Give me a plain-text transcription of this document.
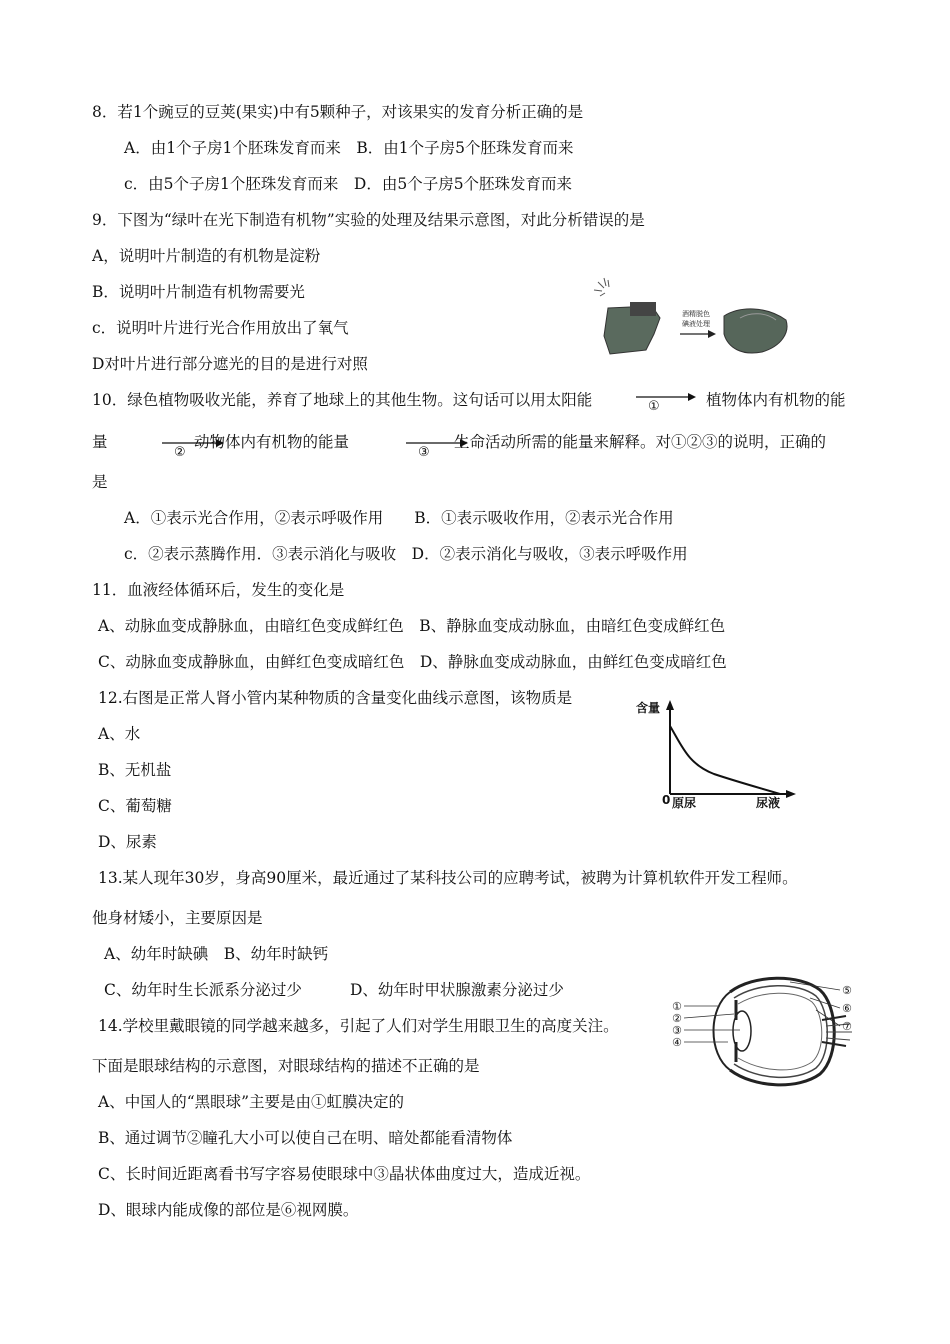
8．若1个豌豆的豆荚(果实)中有5颗种子，对该果实的发育分析正确的是
A．由1个子房1个胚珠发育而来　B．由1个子房5个胚珠发育而来
c．由5个子房1个胚珠发育而来　D．由5个子房5个胚珠发育而来
9．下图为“绿叶在光下制造有机物”实验的处理及结果示意图，对此分析错误的是
A，说明叶片制造的有机物是淀粉
B．说明叶片制造有机物需要光
c．说明叶片进行光合作用放出了氧气
D对叶片进行部分遮光的目的是进行对照
酒精脱色
碘液处理
10．绿色植物吸收光能，养育了地球上的其他生物。这句话可以用太阳能	①	植物体内有机物的能
量
②
动物体内有机物的能量
③
生命活动所需的能量来解释。对①②③的说明，正确的
是
A．①表示光合作用，②表示呼吸作用　　B．①表示吸收作用，②表示光合作用
c．②表示蒸腾作用．③表示消化与吸收　D．②表示消化与吸收，③表示呼吸作用
11．血液经体循环后，发生的变化是
A、动脉血变成静脉血，由暗红色变成鲜红色　B、静脉血变成动脉血，由暗红色变成鲜红色
C、动脉血变成静脉血，由鲜红色变成暗红色　D、静脉血变成动脉血，由鲜红色变成暗红色
12.右图是正常人肾小管内某种物质的含量变化曲线示意图，该物质是
A、水
B、无机盐
C、葡萄糖
D、尿素
含量
0 原尿	尿液
13.某人现年30岁，身高90厘米，最近通过了某科技公司的应聘考试，被聘为计算机软件开发工程师。
他身材矮小，主要原因是
A、幼年时缺碘　B、幼年时缺钙
C、幼年时生长派系分泌过少	D、幼年时甲状腺激素分泌过少
14.学校里戴眼镜的同学越来越多，引起了人们对学生用眼卫生的高度关注。
下面是眼球结构的示意图，对眼球结构的描述不正确的是
A、中国人的“黑眼球”主要是由①虹膜决定的
B、通过调节②瞳孔大小可以使自己在明、暗处都能看清物体
C、长时间近距离看书写字容易使眼球中③晶状体曲度过大，造成近视。
D、眼球内能成像的部位是⑥视网膜。
①
②
③
④
⑤
⑥
⑦
